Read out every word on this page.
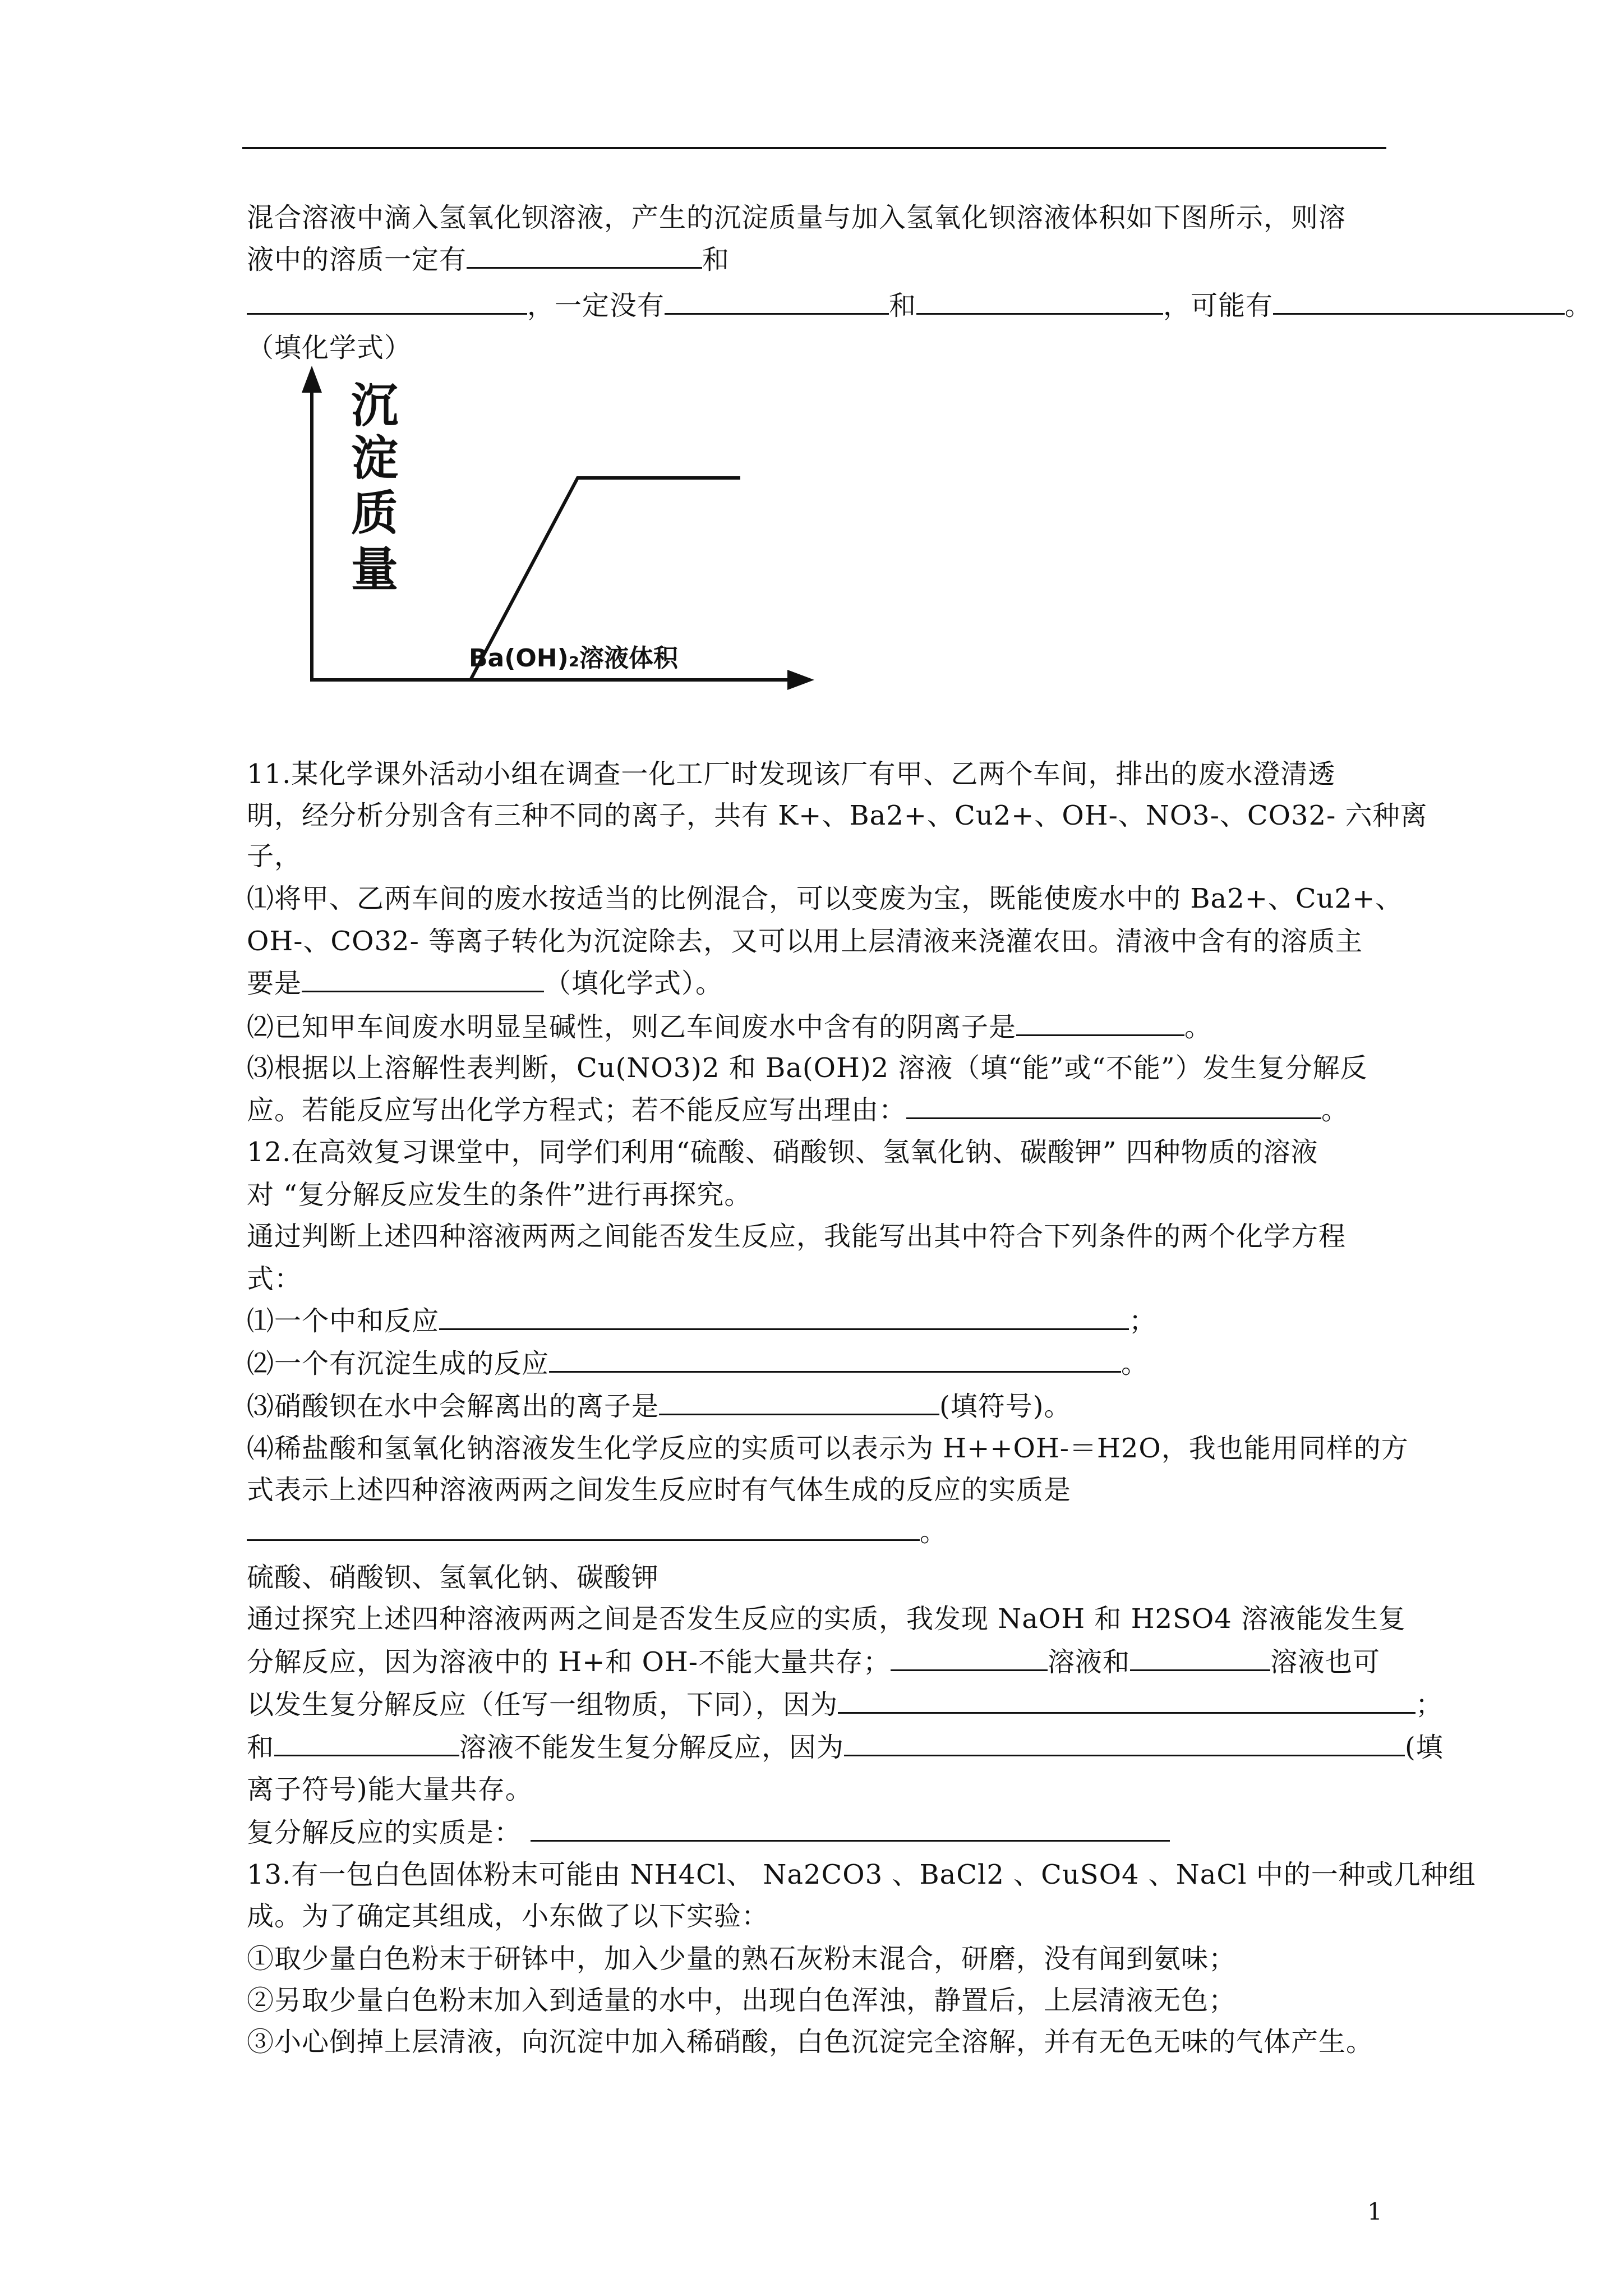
混合溶液中滴入氢氧化钡溶液，产生的沉淀质量与加入氢氧化钡溶液体积如下图所示，则溶
液中的溶质一定有	和
，一定没有	和	，可能有	。
（填化学式）
沉
淀
质
量
Ba(OH)₂溶液体积
11.某化学课外活动小组在调查一化工厂时发现该厂有甲、乙两个车间，排出的废水澄清透
明，经分析分别含有三种不同的离子，共有 K+、Ba2+、Cu2+、OH-、NO3-、CO32- 六种离
子，
⑴将甲、乙两车间的废水按适当的比例混合，可以变废为宝，既能使废水中的 Ba2+、Cu2+、
OH-、CO32- 等离子转化为沉淀除去，又可以用上层清液来浇灌农田。清液中含有的溶质主
要是	（填化学式）。
⑵已知甲车间废水明显呈碱性，则乙车间废水中含有的阴离子是	。
⑶根据以上溶解性表判断，Cu(NO3)2 和 Ba(OH)2 溶液（填“能”或“不能”）发生复分解反
应。若能反应写出化学方程式；若不能反应写出理由：	。
12.在高效复习课堂中，同学们利用“硫酸、硝酸钡、氢氧化钠、碳酸钾” 四种物质的溶液
对 “复分解反应发生的条件”进行再探究。
通过判断上述四种溶液两两之间能否发生反应，我能写出其中符合下列条件的两个化学方程
式：
⑴一个中和反应	；
⑵一个有沉淀生成的反应	。
⑶硝酸钡在水中会解离出的离子是	(填符号)。
⑷稀盐酸和氢氧化钠溶液发生化学反应的实质可以表示为 H++OH-＝H2O，我也能用同样的方
式表示上述四种溶液两两之间发生反应时有气体生成的反应的实质是
。
硫酸、硝酸钡、氢氧化钠、碳酸钾
通过探究上述四种溶液两两之间是否发生反应的实质，我发现 NaOH 和 H2SO4 溶液能发生复
分解反应，因为溶液中的 H+和 OH-不能大量共存；	溶液和	溶液也可
以发生复分解反应（任写一组物质，下同），因为	；
和	溶液不能发生复分解反应，因为	(填
离子符号)能大量共存。
复分解反应的实质是：
13.有一包白色固体粉末可能由 NH4Cl、 Na2CO3 、BaCl2 、CuSO4 、NaCl 中的一种或几种组
成。为了确定其组成，小东做了以下实验：
①取少量白色粉末于研钵中，加入少量的熟石灰粉末混合，研磨，没有闻到氨味；
②另取少量白色粉末加入到适量的水中，出现白色浑浊，静置后，上层清液无色；
③小心倒掉上层清液，向沉淀中加入稀硝酸，白色沉淀完全溶解，并有无色无味的气体产生。
1
